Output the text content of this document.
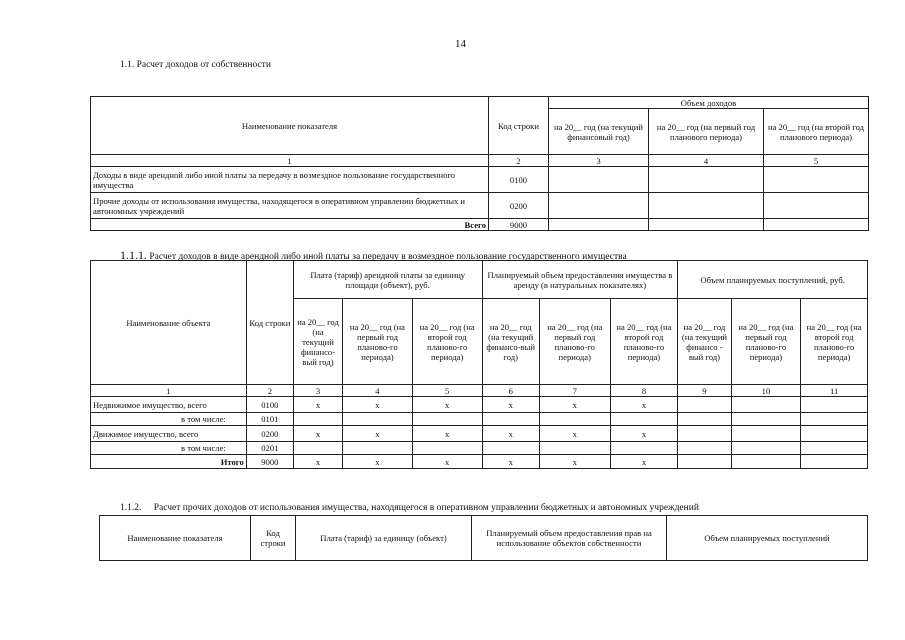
14
1.1. Расчет доходов от собственности
Наименование показателя	Код строки	Объем доходов		
		на 20__ год (на текущий финансовый год)	на 20__ год (на первый год планового периода)	на 20__ год (на второй год планового периода)
1	2	3	4	5
Доходы в виде арендной либо иной платы за передачу в возмездное пользование государственного имущества	0100			
Прочие доходы от использования имущества, находящегося в оперативном управлении бюджетных и автономных учреждений	0200			
Всего	9000			
1.1.1. Расчет доходов в виде арендной либо иной платы за передачу в возмездное пользование государственного имущества
Наименование объекта	Код строки	Плата (тариф) арендной платы за единицу площади (объект), руб.			Планируемый объем предоставления имущества в аренду (в натуральных показателях)			Объем планируемых поступлений, руб.		
		на 20__ год (на текущий финансо-вый год)	на 20__ год (на первый год планово-го периода)	на 20__ год (на второй год планово-го периода)	на 20__ год (на текущий финансо-вый год)	на 20__ год (на первый год планово-го периода)	на 20__ год (на второй год планово-го периода)	на 20__ год (на текущий финансо - вый год)	на 20__ год (на первый год планово-го периода)	на 20__ год (на второй год планово-го периода)
1	2	3	4	5	6	7	8	9	10	11
Недвижимое имущество, всего	0100	x	x	x	x	x	x			
в том числе:	0101									
Движимое имущество, всего	0200	x	x	x	x	x	x			
в том числе:	0201									
Итого	9000	x	x	x	x	x	x			
1.1.2. Расчет прочих доходов от использования имущества, находящегося в оперативном управлении бюджетных и автономных учреждений
Наименование показателя	Код строки	Плата (тариф) за единицу (объект)	Планируемый объем предоставления прав на использование объектов собственности	Объем планируемых поступлений
